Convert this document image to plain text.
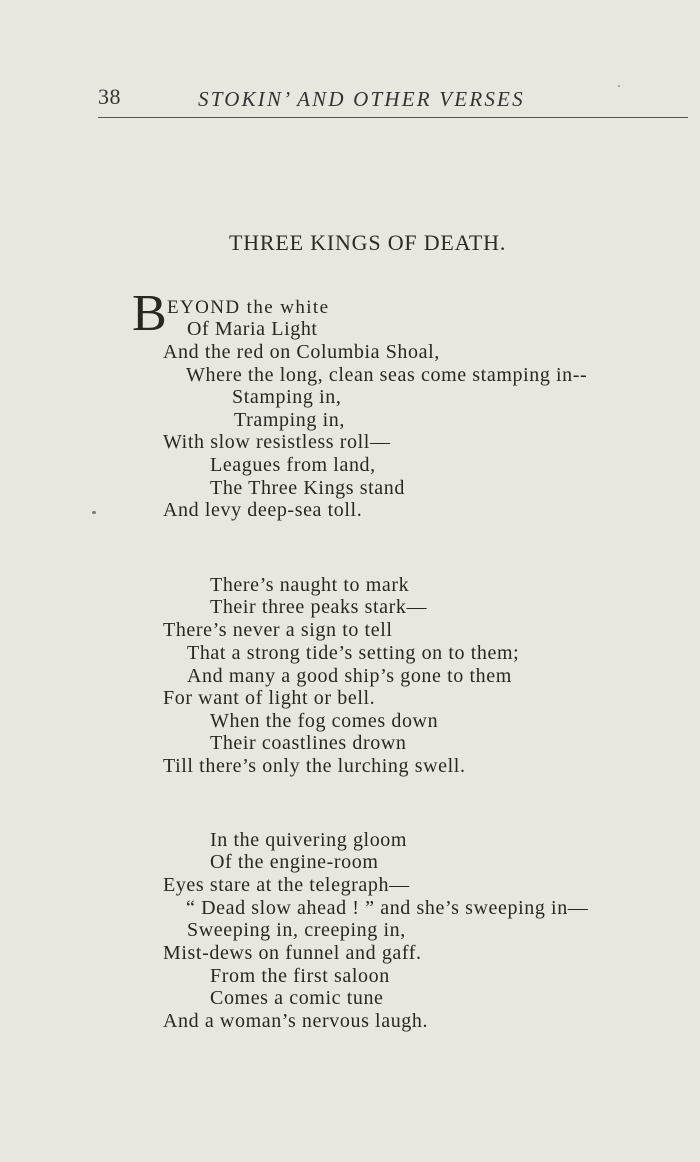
38	STOKIN’ AND OTHER VERSES
THREE KINGS OF DEATH.
B EYOND the white
Of Maria Light
And the red on Columbia Shoal,
Where the long, clean seas come stamping in--
Stamping in,
Tramping in,
With slow resistless roll—
Leagues from land,
The Three Kings stand
And levy deep-sea toll.
There’s naught to mark
Their three peaks stark—
There’s never a sign to tell
That a strong tide’s setting on to them;
And many a good ship’s gone to them
For want of light or bell.
When the fog comes down
Their coastlines drown
Till there’s only the lurching swell.
In the quivering gloom
Of the engine-room
Eyes stare at the telegraph—
“ Dead slow ahead ! ” and she’s sweeping in—
Sweeping in, creeping in,
Mist-dews on funnel and gaff.
From the first saloon
Comes a comic tune
And a woman’s nervous laugh.
